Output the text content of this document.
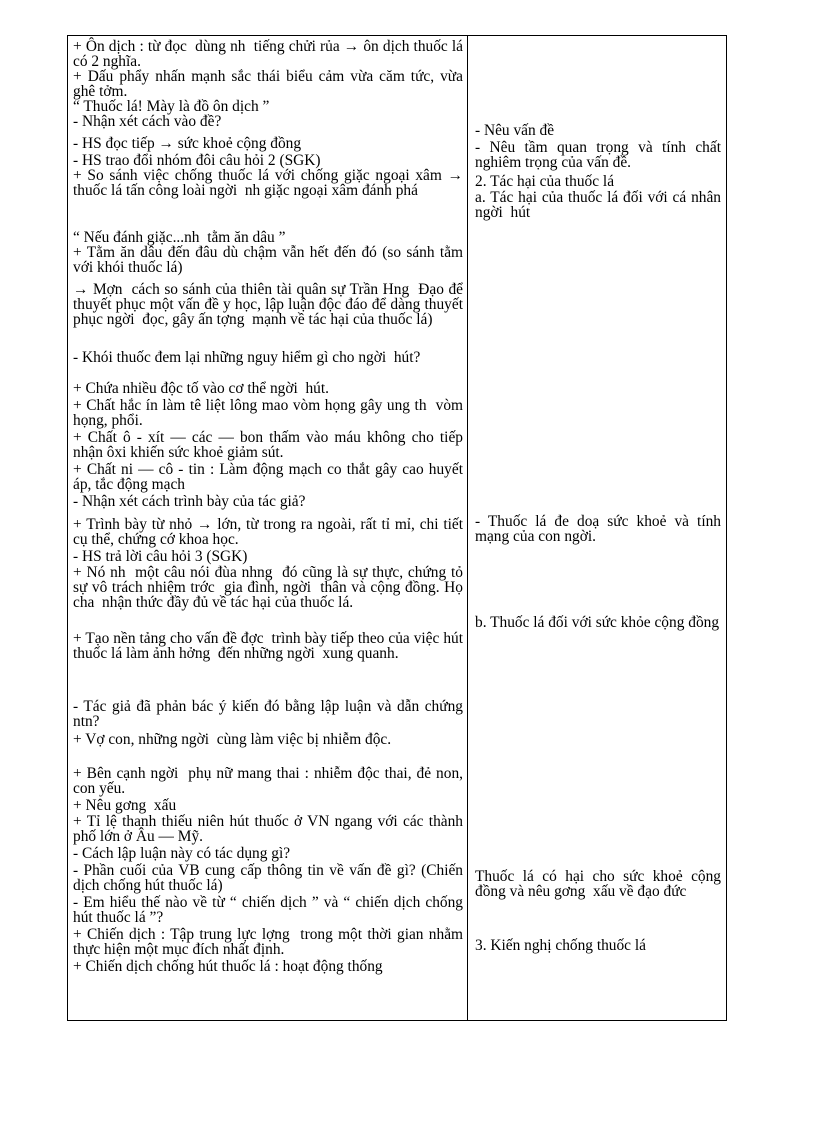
+ Ôn dịch : từ đọc  dùng nh  tiếng chửi rủa → ôn dịch thuốc lá có 2 nghĩa.
+ Dấu phẩy nhấn mạnh sắc thái biểu cảm vừa căm tức, vừa ghê tởm.
“ Thuốc lá! Mày là đồ ôn dịch ”
- Nhận xét cách vào đề?
- HS đọc tiếp → sức khoẻ cộng đồng
- HS trao đổi nhóm đôi câu hỏi 2 (SGK)
+ So sánh việc chống thuốc lá với chống giặc ngoại xâm → thuốc lá tấn công loài ngời  nh giặc ngoại xâm đánh phá
“ Nếu đánh giặc...nh  tằm ăn dâu ”
+ Tằm ăn dâu đến đâu dù chậm vẫn hết đến đó (so sánh tằm với khói thuốc lá)
→ Mợn  cách so sánh của thiên tài quân sự Trần Hng  Đạo để thuyết phục một vấn đề y học, lập luận độc đáo để dàng thuyết phục ngời  đọc, gây ấn tợng  mạnh về tác hại của thuốc lá)
- Khói thuốc đem lại những nguy hiểm gì cho ngời  hút?
+ Chứa nhiều độc tố vào cơ thể ngời  hút.
+ Chất hắc ín làm tê liệt lông mao vòm họng gây ung th  vòm họng, phổi.
+ Chất ô - xít — các — bon thấm vào máu không cho tiếp nhận ôxi khiến sức khoẻ giảm sút.
+ Chất ni — cô - tin : Làm động mạch co thắt gây cao huyết áp, tắc động mạch
- Nhận xét cách trình bày của tác giả?
+ Trình bày từ nhỏ → lớn, từ trong ra ngoài, rất tỉ mỉ, chi tiết cụ thể, chứng cớ khoa học.
- HS trả lời câu hỏi 3 (SGK)
+ Nó nh  một câu nói đùa nhng  đó cũng là sự thực, chứng tỏ sự vô trách nhiệm trớc  gia đình, ngời  thân và cộng đồng. Họ cha  nhận thức đầy đủ về tác hại của thuốc lá.
+ Tạo nền tảng cho vấn đề đợc  trình bày tiếp theo của việc hút thuốc lá làm ảnh hởng  đến những ngời  xung quanh.
- Tác giả đã phản bác ý kiến đó bằng lập luận và dẫn chứng ntn?
+ Vợ con, những ngời  cùng làm việc bị nhiễm độc.
+ Bên cạnh ngời  phụ nữ mang thai : nhiễm độc thai, đẻ non, con yếu.
+ Nêu gơng  xấu
+ Tỉ lệ thanh thiếu niên hút thuốc ở VN ngang với các thành phố lớn ở Âu — Mỹ.
- Cách lập luận này có tác dụng gì?
- Phần cuối của VB cung cấp thông tin về vấn đề gì? (Chiến dịch chống hút thuốc lá)
- Em hiểu thế nào về từ “ chiến dịch ” và “ chiến dịch chống hút thuốc lá ”?
+ Chiến dịch : Tập trung lực lợng  trong một thời gian nhằm thực hiện một mục đích nhất định.
+ Chiến dịch chống hút thuốc lá : hoạt động thống
- Nêu vấn đề
- Nêu tầm quan trọng và tính chất nghiêm trọng của vấn đề.
2. Tác hại của thuốc lá
a. Tác hại của thuốc lá đối với cá nhân ngời  hút
- Thuốc lá đe doạ sức khoẻ và tính mạng của con ngời.
b. Thuốc lá đối với sức khỏe cộng đồng
Thuốc lá có hại cho sức khoẻ cộng đồng và nêu gơng  xấu về đạo đức
3. Kiến nghị chống thuốc lá
